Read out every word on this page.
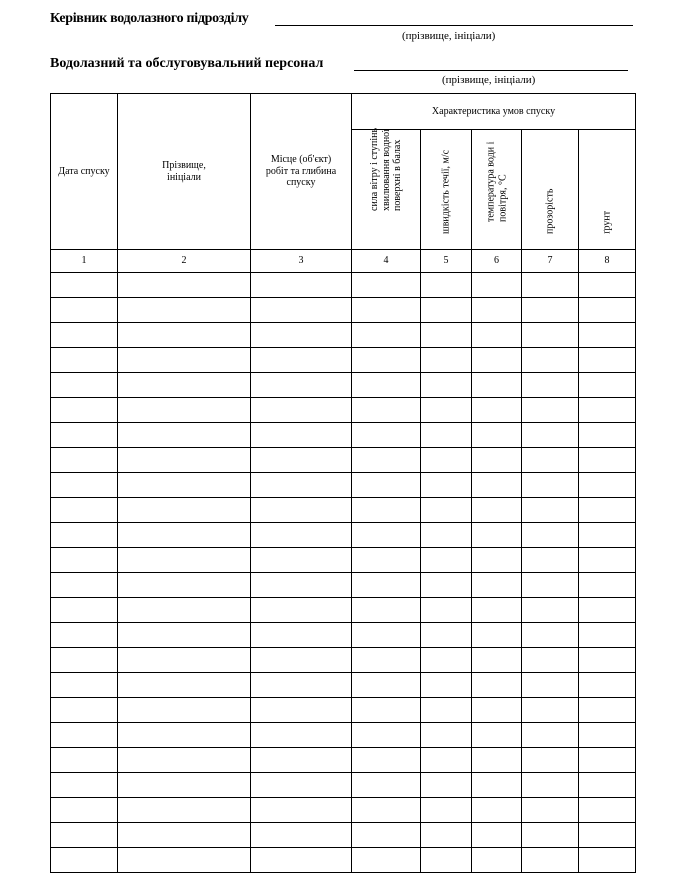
Керівник водолазного підрозділу
(прізвище, ініціали)
Водолазний та обслуговувальний персонал
(прізвище, ініціали)
Дата спуску	Прізвище, ініціали	Місце (об'єкт) робіт та глибина спуску	Характеристика умов спуску				

			сила вітру і ступінь хвилювання водної поверхні в балах	швидкість течії, м/с	температура води і повітря, °С	прозорість	ґрунт

1	2	3	4	5	6	7	8
